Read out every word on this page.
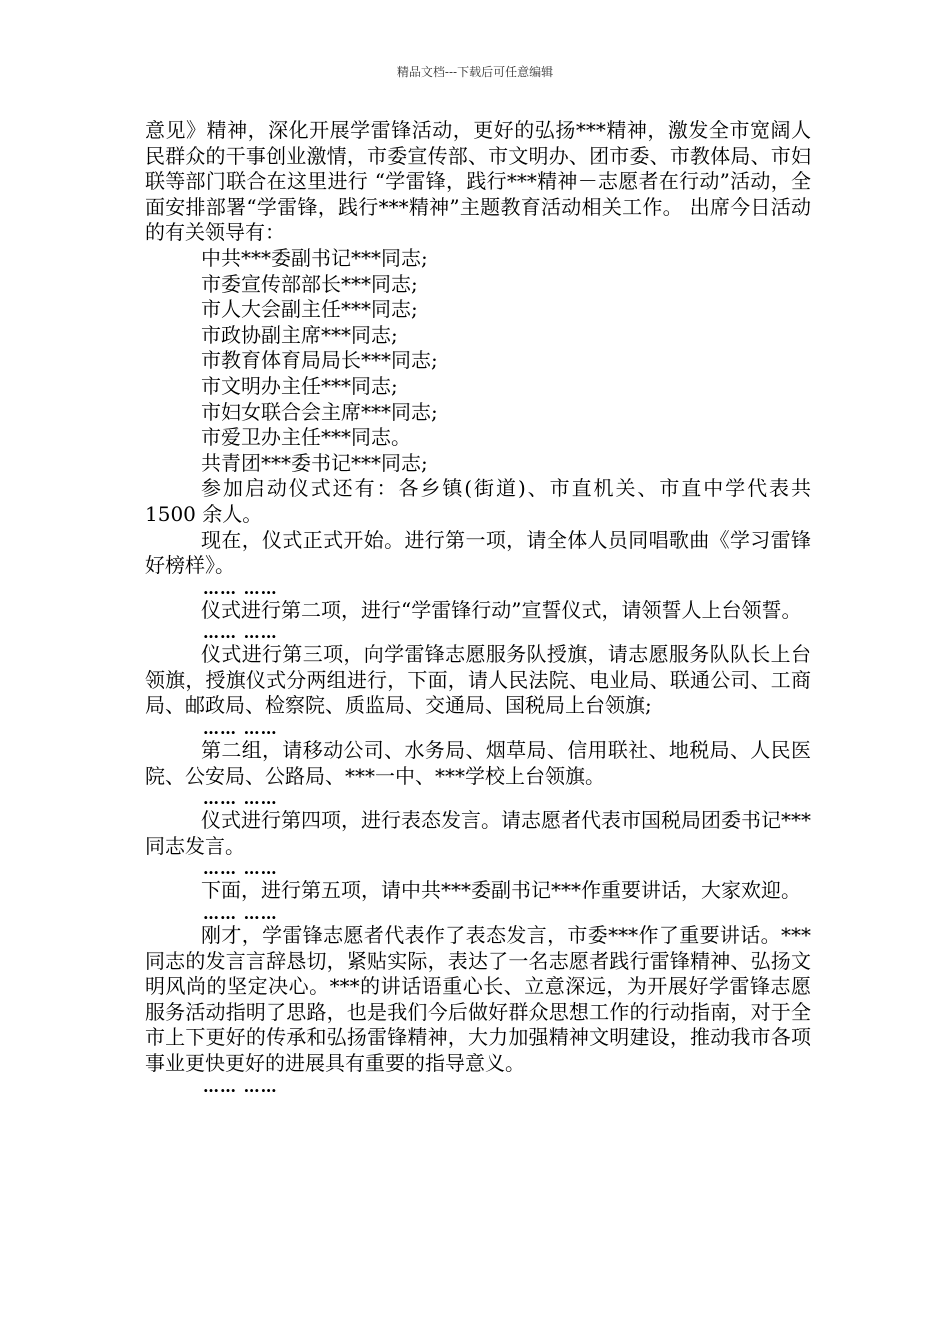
精品文档---下载后可任意编辑

意见》精神，深化开展学雷锋活动，更好的弘扬***精神，激发全市宽阔人民群众的干事创业激情，市委宣传部、市文明办、团市委、市教体局、市妇联等部门联合在这里进行 “学雷锋，践行***精神－志愿者在行动”活动，全面安排部署“学雷锋，践行***精神”主题教育活动相关工作。 出席今日活动的有关领导有：

中共***委副书记***同志;

市委宣传部部长***同志;

市人大会副主任***同志;

市政协副主席***同志;

市教育体育局局长***同志;

市文明办主任***同志;

市妇女联合会主席***同志;

市爱卫办主任***同志。

共青团***委书记***同志;

参加启动仪式还有：各乡镇(街道)、市直机关、市直中学代表共 1500 余人。

现在，仪式正式开始。进行第一项，请全体人员同唱歌曲《学习雷锋好榜样》。

…… ……

仪式进行第二项，进行“学雷锋行动”宣誓仪式，请领誓人上台领誓。

…… ……

仪式进行第三项，向学雷锋志愿服务队授旗，请志愿服务队队长上台领旗，授旗仪式分两组进行，下面，请人民法院、电业局、联通公司、工商局、邮政局、检察院、质监局、交通局、国税局上台领旗;

…… ……

第二组，请移动公司、水务局、烟草局、信用联社、地税局、人民医院、公安局、公路局、***一中、***学校上台领旗。

…… ……

仪式进行第四项，进行表态发言。请志愿者代表市国税局团委书记***同志发言。

…… ……

下面，进行第五项，请中共***委副书记***作重要讲话，大家欢迎。

…… ……

刚才，学雷锋志愿者代表作了表态发言，市委***作了重要讲话。***同志的发言言辞恳切，紧贴实际，表达了一名志愿者践行雷锋精神、弘扬文明风尚的坚定决心。***的讲话语重心长、立意深远，为开展好学雷锋志愿服务活动指明了思路，也是我们今后做好群众思想工作的行动指南，对于全市上下更好的传承和弘扬雷锋精神，大力加强精神文明建设，推动我市各项事业更快更好的进展具有重要的指导意义。

…… ……
